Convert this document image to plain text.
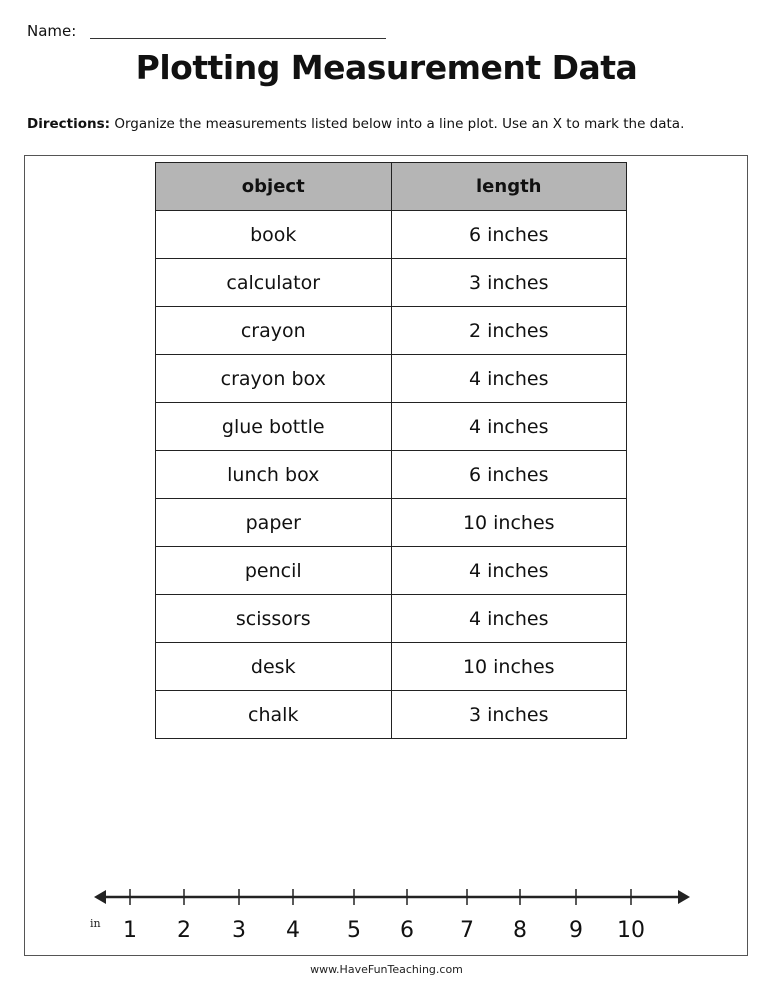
Name:
Plotting Measurement Data
Directions: Organize the measurements listed below into a line plot. Use an X to mark the data.
object	length
book	6 inches
calculator	3 inches
crayon	2 inches
crayon box	4 inches
glue bottle	4 inches
lunch box	6 inches
paper	10 inches
pencil	4 inches
scissors	4 inches
desk	10 inches
chalk	3 inches
in 1 2 3 4 5 6 7 8 9 10
www.HaveFunTeaching.com
